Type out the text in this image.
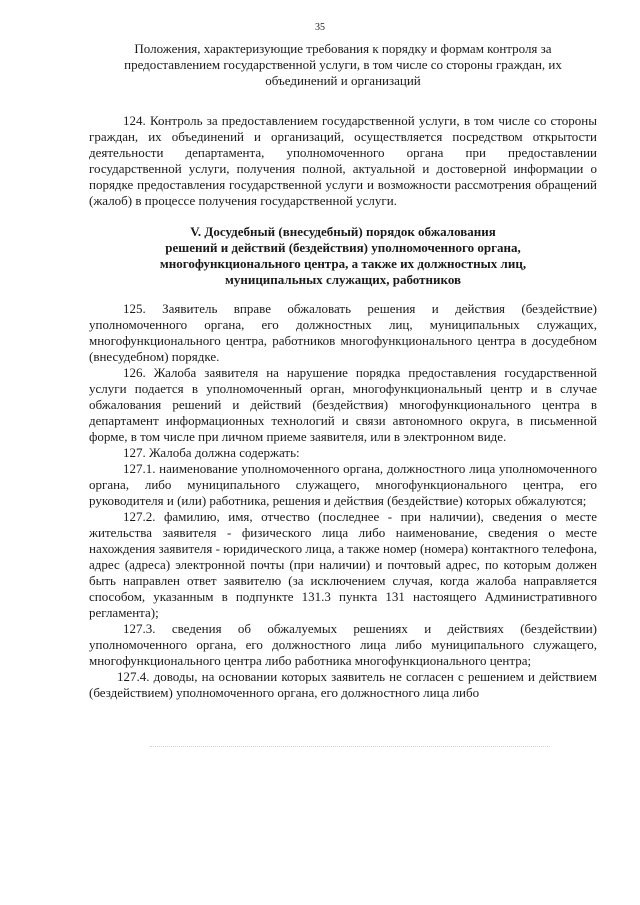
35
Положения, характеризующие требования к порядку и формам контроля за
предоставлением государственной услуги, в том числе со стороны граждан, их
объединений и организаций

124. Контроль за предоставлением государственной услуги, в том числе со стороны граждан, их объединений и организаций, осуществляется посредством открытости деятельности департамента, уполномоченного органа при предоставлении государственной услуги, получения полной, актуальной и достоверной информации о порядке предоставления государственной услуги и возможности рассмотрения обращений (жалоб) в процессе получения государственной услуги.

V. Досудебный (внесудебный) порядок обжалования
решений и действий (бездействия) уполномоченного органа,
многофункционального центра, а также их должностных лиц,
муниципальных служащих, работников

125. Заявитель вправе обжаловать решения и действия (бездействие) уполномоченного органа, его должностных лиц, муниципальных служащих, многофункционального центра, работников многофункционального центра в досудебном (внесудебном) порядке.

126. Жалоба заявителя на нарушение порядка предоставления государственной услуги подается в уполномоченный орган, многофункциональный центр и в случае обжалования решений и действий (бездействия) многофункционального центра в департамент информационных технологий и связи автономного округа, в письменной форме, в том числе при личном приеме заявителя, или в электронном виде.

127. Жалоба должна содержать:

127.1. наименование уполномоченного органа, должностного лица уполномоченного органа, либо муниципального служащего, многофункционального центра, его руководителя и (или) работника, решения и действия (бездействие) которых обжалуются;

127.2. фамилию, имя, отчество (последнее - при наличии), сведения о месте жительства заявителя - физического лица либо наименование, сведения о месте нахождения заявителя - юридического лица, а также номер (номера) контактного телефона, адрес (адреса) электронной почты (при наличии) и почтовый адрес, по которым должен быть направлен ответ заявителю (за исключением случая, когда жалоба направляется способом, указанным в подпункте 131.3 пункта 131 настоящего Административного регламента);

127.3. сведения об обжалуемых решениях и действиях (бездействии) уполномоченного органа, его должностного лица либо муниципального служащего, многофункционального центра либо работника многофункционального центра;

127.4. доводы, на основании которых заявитель не согласен с решением и действием (бездействием) уполномоченного органа, его должностного лица либо
